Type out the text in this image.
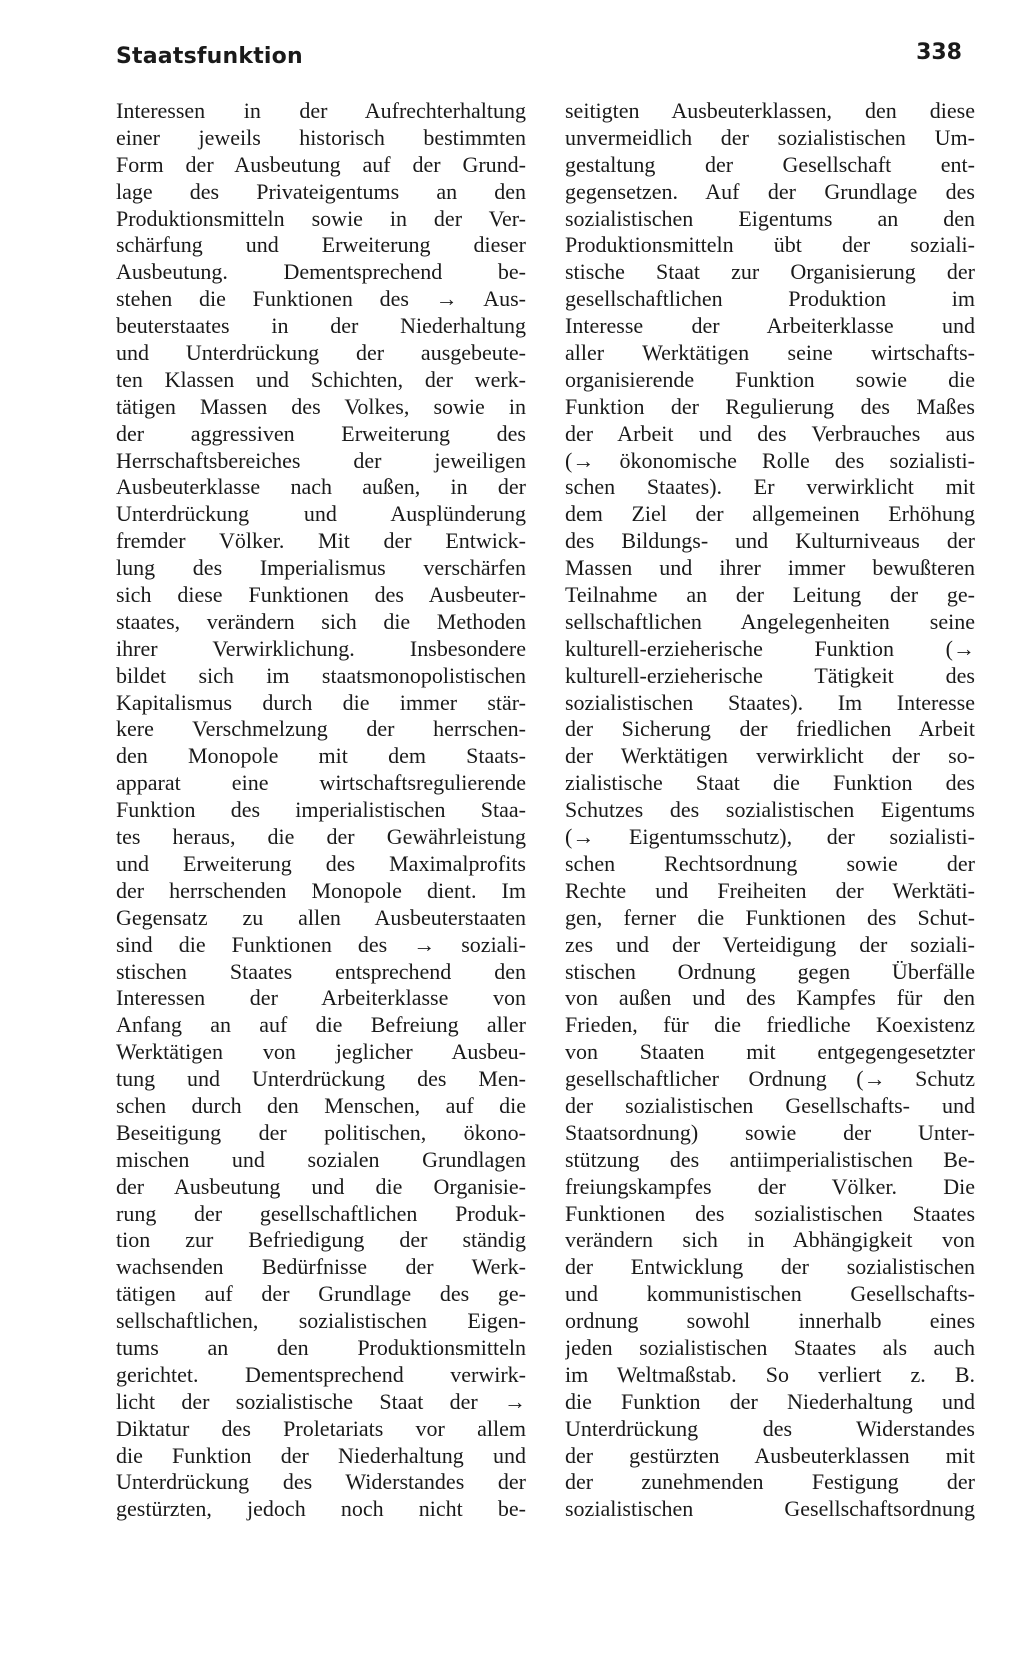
Staatsfunktion	338
Interessen in der Aufrechterhaltung
einer jeweils historisch bestimmten
Form der Ausbeutung auf der Grund-
lage des Privateigentums an den
Produktionsmitteln sowie in der Ver-
schärfung und Erweiterung dieser
Ausbeutung. Dementsprechend be-
stehen die Funktionen des → Aus-
beuterstaates in der Niederhaltung
und Unterdrückung der ausgebeute-
ten Klassen und Schichten, der werk-
tätigen Massen des Volkes, sowie in
der aggressiven Erweiterung des
Herrschaftsbereiches der jeweiligen
Ausbeuterklasse nach außen, in der
Unterdrückung und Ausplünderung
fremder Völker. Mit der Entwick-
lung des Imperialismus verschärfen
sich diese Funktionen des Ausbeuter-
staates, verändern sich die Methoden
ihrer Verwirklichung. Insbesondere
bildet sich im staatsmonopolistischen
Kapitalismus durch die immer stär-
kere Verschmelzung der herrschen-
den Monopole mit dem Staats-
apparat eine wirtschaftsregulierende
Funktion des imperialistischen Staa-
tes heraus, die der Gewährleistung
und Erweiterung des Maximalprofits
der herrschenden Monopole dient. Im
Gegensatz zu allen Ausbeuterstaaten
sind die Funktionen des → soziali-
stischen Staates entsprechend den
Interessen der Arbeiterklasse von
Anfang an auf die Befreiung aller
Werktätigen von jeglicher Ausbeu-
tung und Unterdrückung des Men-
schen durch den Menschen, auf die
Beseitigung der politischen, ökono-
mischen und sozialen Grundlagen
der Ausbeutung und die Organisie-
rung der gesellschaftlichen Produk-
tion zur Befriedigung der ständig
wachsenden Bedürfnisse der Werk-
tätigen auf der Grundlage des ge-
sellschaftlichen, sozialistischen Eigen-
tums an den Produktionsmitteln
gerichtet. Dementsprechend verwirk-
licht der sozialistische Staat der →
Diktatur des Proletariats vor allem
die Funktion der Niederhaltung und
Unterdrückung des Widerstandes der
gestürzten, jedoch noch nicht be-
seitigten Ausbeuterklassen, den diese
unvermeidlich der sozialistischen Um-
gestaltung der Gesellschaft ent-
gegensetzen. Auf der Grundlage des
sozialistischen Eigentums an den
Produktionsmitteln übt der soziali-
stische Staat zur Organisierung der
gesellschaftlichen Produktion im
Interesse der Arbeiterklasse und
aller Werktätigen seine wirtschafts-
organisierende Funktion sowie die
Funktion der Regulierung des Maßes
der Arbeit und des Verbrauches aus
(→ ökonomische Rolle des sozialisti-
schen Staates). Er verwirklicht mit
dem Ziel der allgemeinen Erhöhung
des Bildungs- und Kulturniveaus der
Massen und ihrer immer bewußteren
Teilnahme an der Leitung der ge-
sellschaftlichen Angelegenheiten seine
kulturell-erzieherische Funktion (→
kulturell-erzieherische Tätigkeit des
sozialistischen Staates). Im Interesse
der Sicherung der friedlichen Arbeit
der Werktätigen verwirklicht der so-
zialistische Staat die Funktion des
Schutzes des sozialistischen Eigentums
(→ Eigentumsschutz), der sozialisti-
schen Rechtsordnung sowie der
Rechte und Freiheiten der Werktäti-
gen, ferner die Funktionen des Schut-
zes und der Verteidigung der soziali-
stischen Ordnung gegen Überfälle
von außen und des Kampfes für den
Frieden, für die friedliche Koexistenz
von Staaten mit entgegengesetzter
gesellschaftlicher Ordnung (→ Schutz
der sozialistischen Gesellschafts- und
Staatsordnung) sowie der Unter-
stützung des antiimperialistischen Be-
freiungskampfes der Völker. Die
Funktionen des sozialistischen Staates
verändern sich in Abhängigkeit von
der Entwicklung der sozialistischen
und kommunistischen Gesellschafts-
ordnung sowohl innerhalb eines
jeden sozialistischen Staates als auch
im Weltmaßstab. So verliert z. B.
die Funktion der Niederhaltung und
Unterdrückung des Widerstandes
der gestürzten Ausbeuterklassen mit
der zunehmenden Festigung der
sozialistischen Gesellschaftsordnung
